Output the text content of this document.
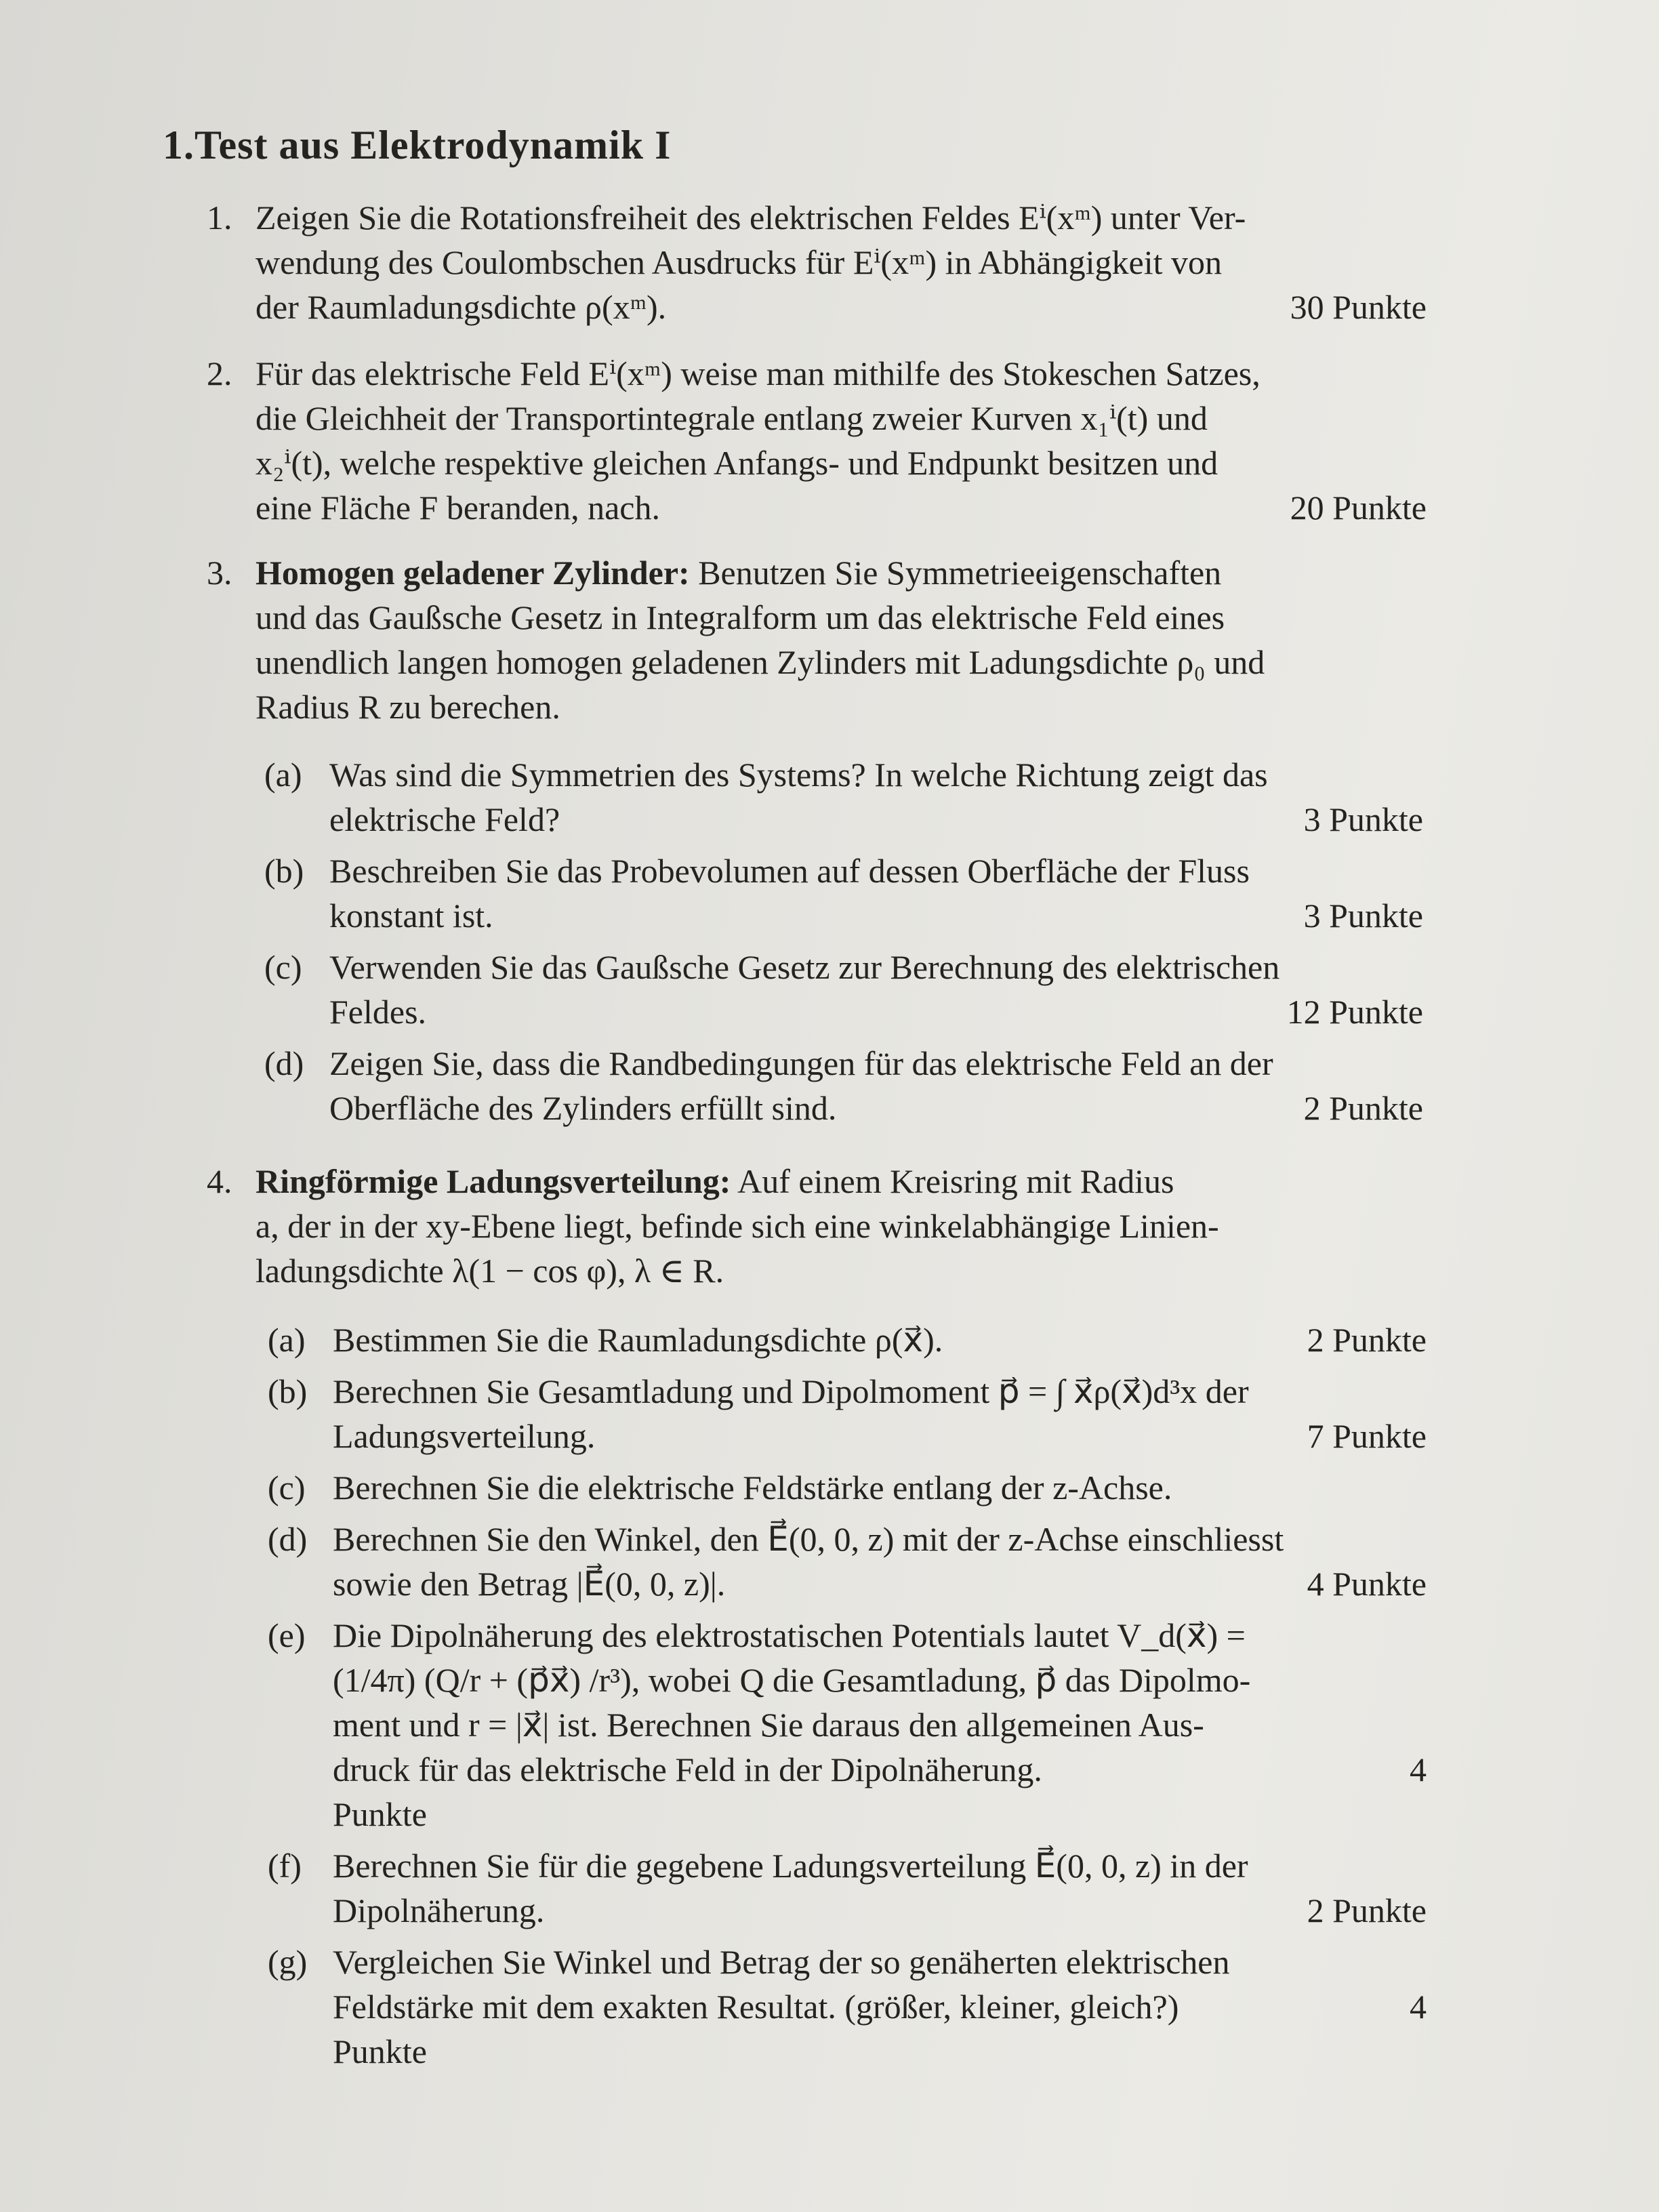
1.Test aus Elektrodynamik I
1. Zeigen Sie die Rotationsfreiheit des elektrischen Feldes Eⁱ(xᵐ) unter Ver-
wendung des Coulombschen Ausdrucks für Eⁱ(xᵐ) in Abhängigkeit von
der Raumladungsdichte ρ(xᵐ).	30 Punkte
2. Für das elektrische Feld Eⁱ(xᵐ) weise man mithilfe des Stokeschen Satzes,
die Gleichheit der Transportintegrale entlang zweier Kurven x₁ⁱ(t) und
x₂ⁱ(t), welche respektive gleichen Anfangs- und Endpunkt besitzen und
eine Fläche F beranden, nach.	20 Punkte
3. Homogen geladener Zylinder: Benutzen Sie Symmetrieeigenschaften
und das Gaußsche Gesetz in Integralform um das elektrische Feld eines
unendlich langen homogen geladenen Zylinders mit Ladungsdichte ρ₀ und
Radius R zu berechen.
(a) Was sind die Symmetrien des Systems? In welche Richtung zeigt das
elektrische Feld?	3 Punkte
(b) Beschreiben Sie das Probevolumen auf dessen Oberfläche der Fluss
konstant ist.	3 Punkte
(c) Verwenden Sie das Gaußsche Gesetz zur Berechnung des elektrischen
Feldes.	12 Punkte
(d) Zeigen Sie, dass die Randbedingungen für das elektrische Feld an der
Oberfläche des Zylinders erfüllt sind.	2 Punkte
4. Ringförmige Ladungsverteilung: Auf einem Kreisring mit Radius
a, der in der xy-Ebene liegt, befinde sich eine winkelabhängige Linien-
ladungsdichte λ(1 − cos φ), λ ∈ R.
(a) Bestimmen Sie die Raumladungsdichte ρ(x⃗).	2 Punkte
(b) Berechnen Sie Gesamtladung und Dipolmoment p⃗ = ∫ x⃗ρ(x⃗)d³x der
Ladungsverteilung.	7 Punkte
(c) Berechnen Sie die elektrische Feldstärke entlang der z-Achse.
(d) Berechnen Sie den Winkel, den E⃗(0, 0, z) mit der z-Achse einschliesst
sowie den Betrag |E⃗(0, 0, z)|.	4 Punkte
(e) Die Dipolnäherung des elektrostatischen Potentials lautet V_d(x⃗) =
(1/4π) (Q/r + (p⃗x⃗) /r³), wobei Q die Gesamtladung, p⃗ das Dipolmo-
ment und r = |x⃗| ist. Berechnen Sie daraus den allgemeinen Aus-
druck für das elektrische Feld in der Dipolnäherung.	4
Punkte
(f) Berechnen Sie für die gegebene Ladungsverteilung E⃗(0, 0, z) in der
Dipolnäherung.	2 Punkte
(g) Vergleichen Sie Winkel und Betrag der so genäherten elektrischen
Feldstärke mit dem exakten Resultat. (größer, kleiner, gleich?)	4
Punkte
